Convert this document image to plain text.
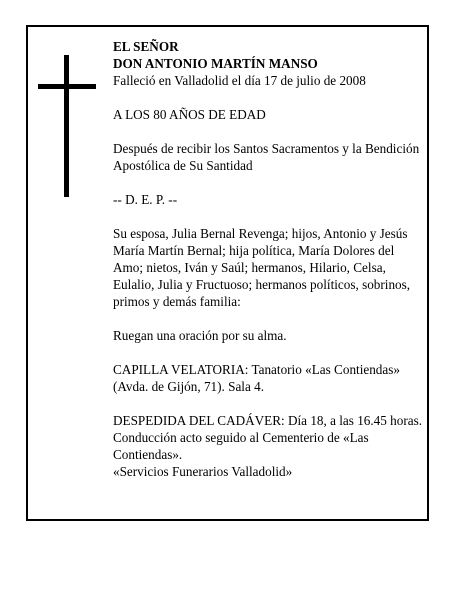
EL SEÑOR

DON ANTONIO MARTÍN MANSO

Falleció en Valladolid el día 17 de julio de 2008

A LOS 80 AÑOS DE EDAD

Después de recibir los Santos Sacramentos y la Bendición Apostólica de Su Santidad

-- D. E. P. --

Su esposa, Julia Bernal Revenga; hijos, Antonio y Jesús María Martín Bernal; hija política, María Dolores del Amo; nietos, Iván y Saúl; hermanos, Hilario, Celsa, Eulalio, Julia y Fructuoso; hermanos políticos, sobrinos, primos y demás familia:

Ruegan una oración por su alma.

CAPILLA VELATORIA: Tanatorio «Las Contiendas» (Avda. de Gijón, 71). Sala 4.

DESPEDIDA DEL CADÁVER: Día 18, a las 16.45 horas. Conducción acto seguido al Cementerio de «Las Contiendas».

«Servicios Funerarios Valladolid»
